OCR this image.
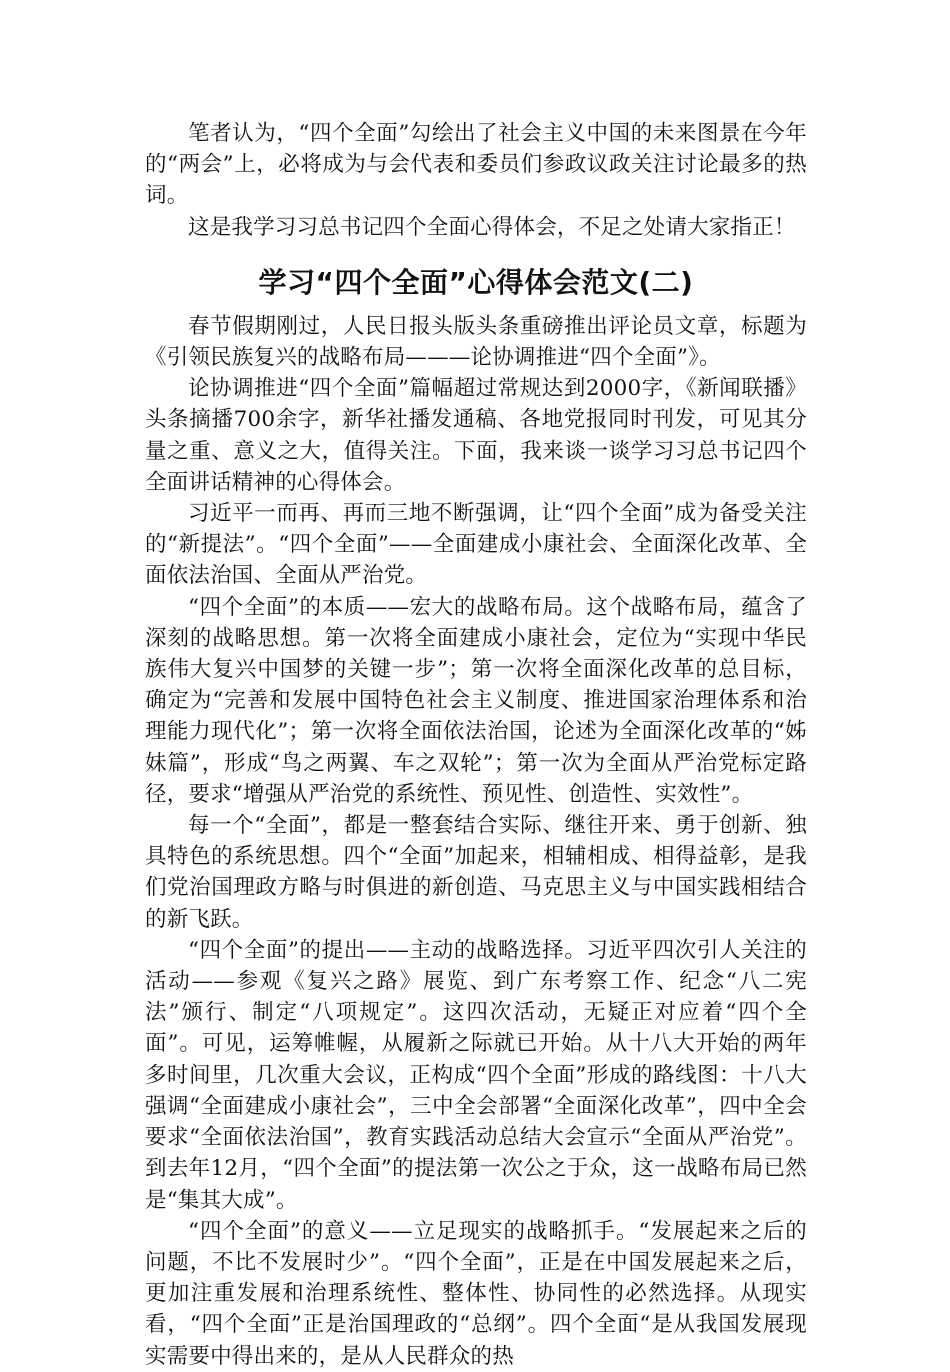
笔者认为，“四个全面”勾绘出了社会主义中国的未来图景在今年的“两会”上，必将成为与会代表和委员们参政议政关注讨论最多的热词。

这是我学习习总书记四个全面心得体会，不足之处请大家指正！

学习“四个全面”心得体会范文(二)

春节假期刚过，人民日报头版头条重磅推出评论员文章，标题为《引领民族复兴的战略布局———论协调推进“四个全面”》。

论协调推进“四个全面”篇幅超过常规达到2000字，《新闻联播》头条摘播700余字，新华社播发通稿、各地党报同时刊发，可见其分量之重、意义之大，值得关注。下面，我来谈一谈学习习总书记四个全面讲话精神的心得体会。

习近平一而再、再而三地不断强调，让“四个全面”成为备受关注的“新提法”。“四个全面”——全面建成小康社会、全面深化改革、全面依法治国、全面从严治党。

“四个全面”的本质——宏大的战略布局。这个战略布局，蕴含了深刻的战略思想。第一次将全面建成小康社会，定位为“实现中华民族伟大复兴中国梦的关键一步”；第一次将全面深化改革的总目标，确定为“完善和发展中国特色社会主义制度、推进国家治理体系和治理能力现代化”；第一次将全面依法治国，论述为全面深化改革的“姊妹篇”，形成“鸟之两翼、车之双轮”；第一次为全面从严治党标定路径，要求“增强从严治党的系统性、预见性、创造性、实效性”。

每一个“全面”，都是一整套结合实际、继往开来、勇于创新、独具特色的系统思想。四个“全面”加起来，相辅相成、相得益彰，是我们党治国理政方略与时俱进的新创造、马克思主义与中国实践相结合的新飞跃。

“四个全面”的提出——主动的战略选择。习近平四次引人关注的活动——参观《复兴之路》展览、到广东考察工作、纪念“八二宪法”颁行、制定“八项规定”。这四次活动，无疑正对应着“四个全面”。可见，运筹帷幄，从履新之际就已开始。从十八大开始的两年多时间里，几次重大会议，正构成“四个全面”形成的路线图：十八大强调“全面建成小康社会”，三中全会部署“全面深化改革”，四中全会要求“全面依法治国”，教育实践活动总结大会宣示“全面从严治党”。到去年12月，“四个全面”的提法第一次公之于众，这一战略布局已然是“集其大成”。

“四个全面”的意义——立足现实的战略抓手。“发展起来之后的问题，不比不发展时少”。“四个全面”，正是在中国发展起来之后，更加注重发展和治理系统性、整体性、协同性的必然选择。从现实看，“四个全面”正是治国理政的“总纲”。四个全面“是从我国发展现实需要中得出来的，是从人民群众的热
